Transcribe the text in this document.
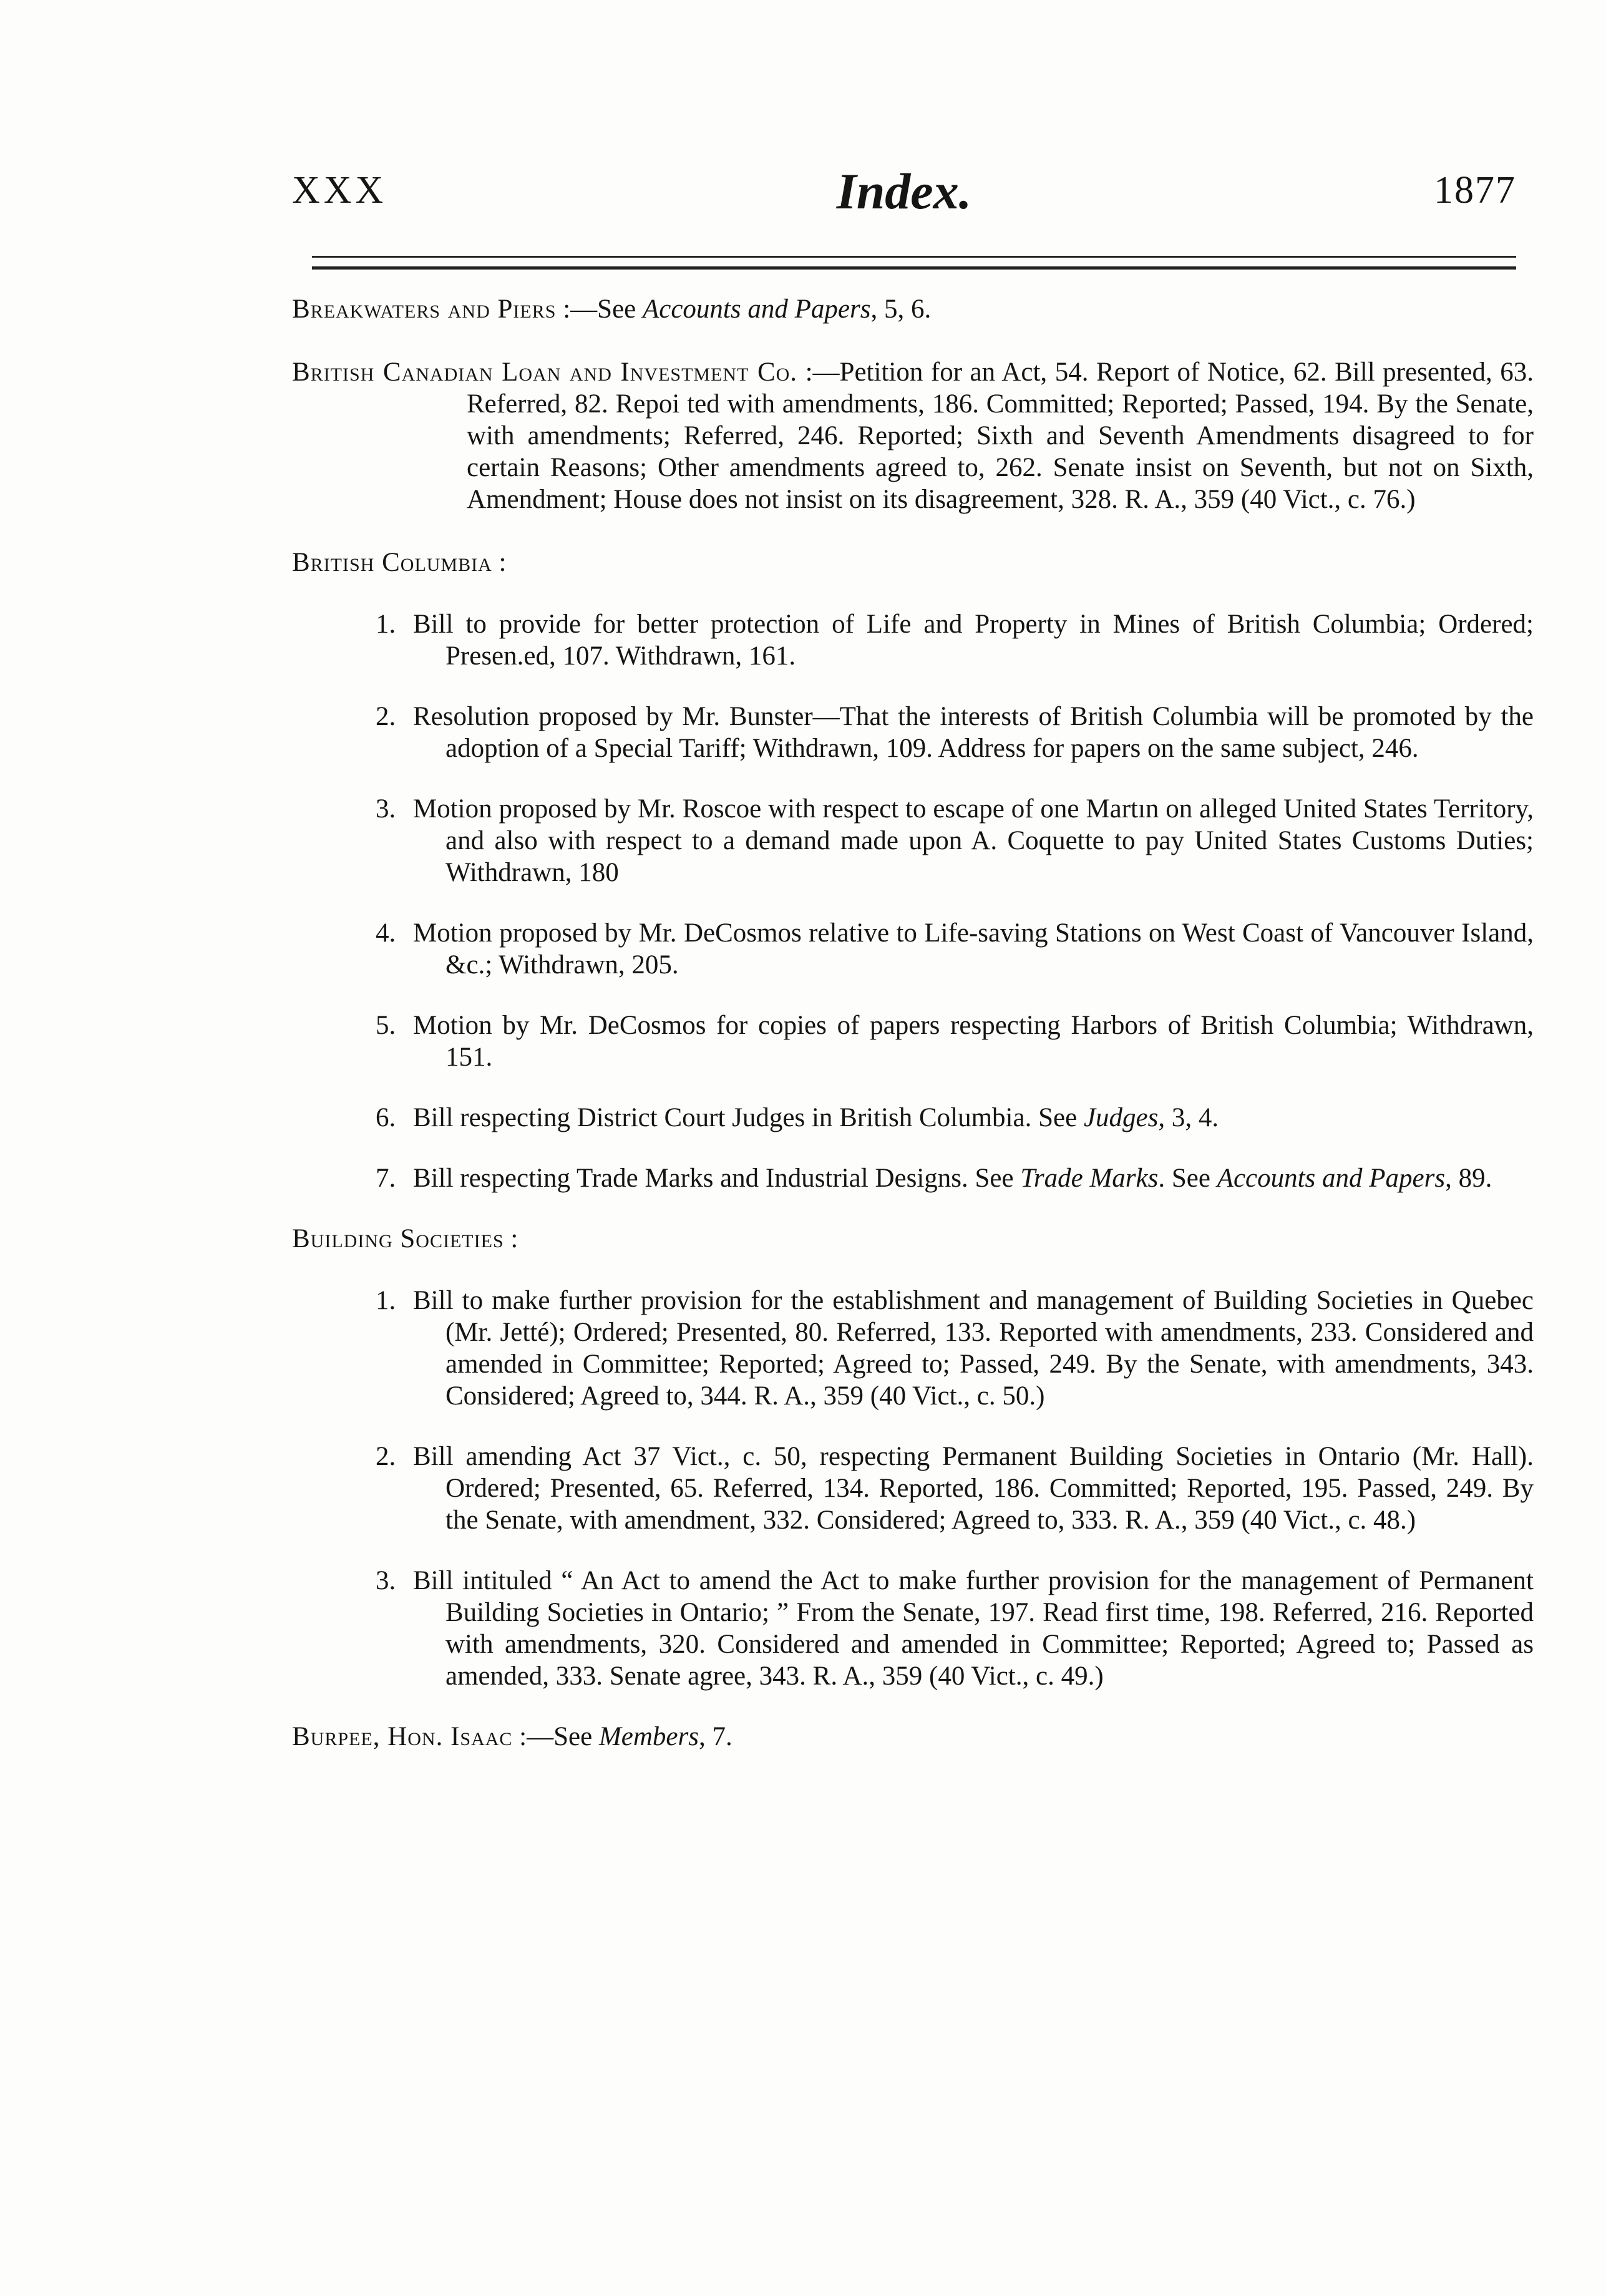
XXX	Index.	1877

Breakwaters and Piers :—See Accounts and Papers, 5, 6.

British Canadian Loan and Investment Co. :—Petition for an Act, 54. Report of Notice, 62. Bill presented, 63. Referred, 82. Repoi ted with amendments, 186. Committed; Reported; Passed, 194. By the Senate, with amendments; Referred, 246. Reported; Sixth and Seventh Amendments disagreed to for certain Reasons; Other amendments agreed to, 262. Senate insist on Seventh, but not on Sixth, Amendment; House does not insist on its disagreement, 328. R. A., 359 (40 Vict., c. 76.)

British Columbia :

1. Bill to provide for better protection of Life and Property in Mines of British Columbia; Ordered; Presen.ed, 107. Withdrawn, 161.

2. Resolution proposed by Mr. Bunster—That the interests of British Columbia will be promoted by the adoption of a Special Tariff; Withdrawn, 109. Address for papers on the same subject, 246.

3. Motion proposed by Mr. Roscoe with respect to escape of one Martın on alleged United States Territory, and also with respect to a demand made upon A. Coquette to pay United States Customs Duties; Withdrawn, 180

4. Motion proposed by Mr. DeCosmos relative to Life-saving Stations on West Coast of Vancouver Island, &c.; Withdrawn, 205.

5. Motion by Mr. DeCosmos for copies of papers respecting Harbors of British Columbia; Withdrawn, 151.

6. Bill respecting District Court Judges in British Columbia. See Judges, 3, 4.

7. Bill respecting Trade Marks and Industrial Designs. See Trade Marks. See Accounts and Papers, 89.

Building Societies :

1. Bill to make further provision for the establishment and management of Building Societies in Quebec (Mr. Jetté); Ordered; Presented, 80. Referred, 133. Reported with amendments, 233. Considered and amended in Committee; Reported; Agreed to; Passed, 249. By the Senate, with amendments, 343. Considered; Agreed to, 344. R. A., 359 (40 Vict., c. 50.)

2. Bill amending Act 37 Vict., c. 50, respecting Permanent Building Societies in Ontario (Mr. Hall). Ordered; Presented, 65. Referred, 134. Reported, 186. Committed; Reported, 195. Passed, 249. By the Senate, with amendment, 332. Considered; Agreed to, 333. R. A., 359 (40 Vict., c. 48.)

3. Bill intituled “ An Act to amend the Act to make further provision for the management of Permanent Building Societies in Ontario; ” From the Senate, 197. Read first time, 198. Referred, 216. Reported with amendments, 320. Considered and amended in Committee; Reported; Agreed to; Passed as amended, 333. Senate agree, 343. R. A., 359 (40 Vict., c. 49.)

Burpee, Hon. Isaac :—See Members, 7.
